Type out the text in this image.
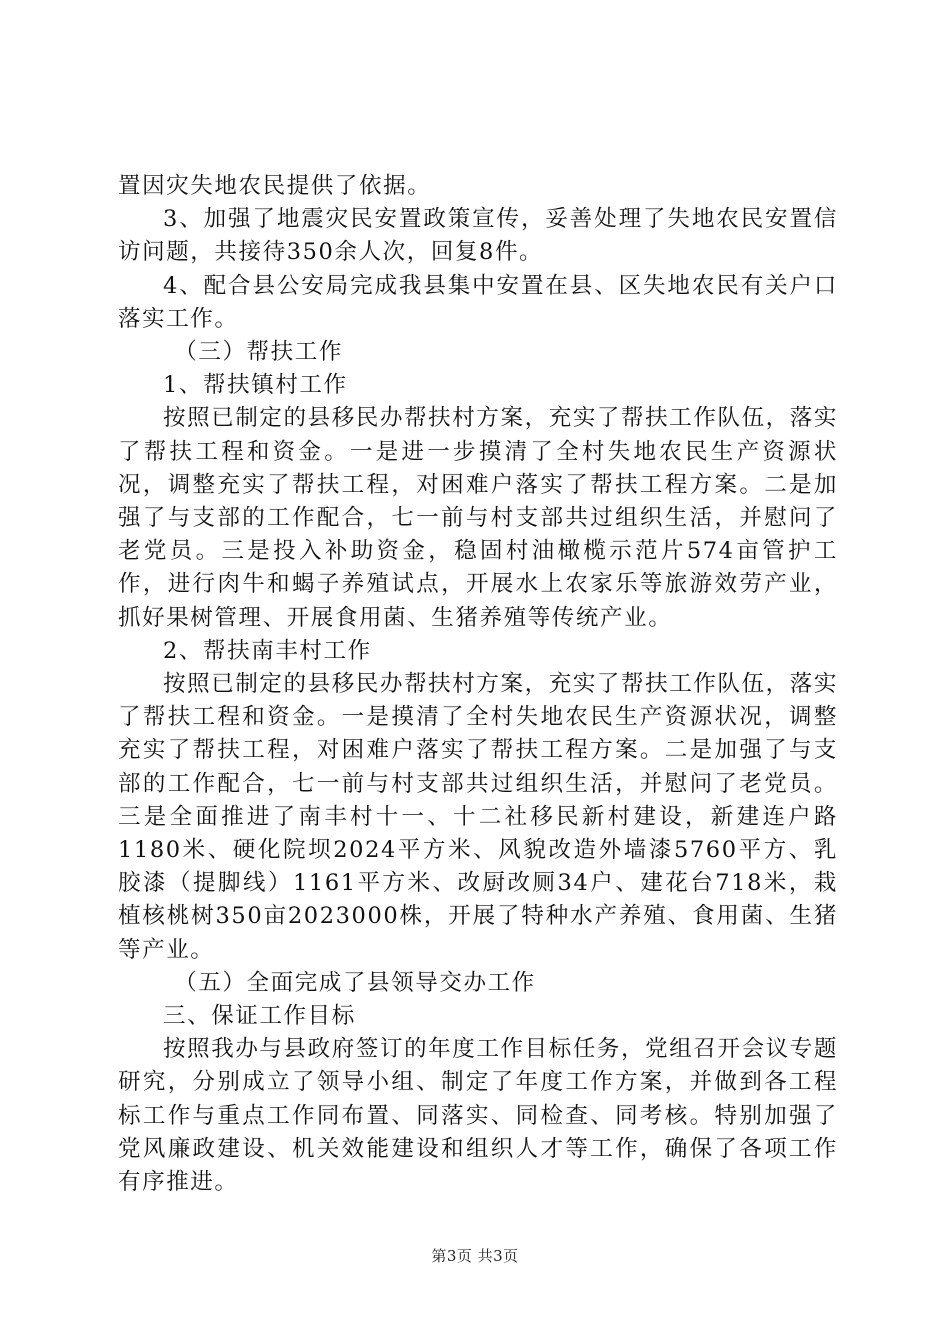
置因灾失地农民提供了依据。

3、加强了地震灾民安置政策宣传，妥善处理了失地农民安置信访问题，共接待350余人次，回复8件。

4、配合县公安局完成我县集中安置在县、区失地农民有关户口落实工作。

（三）帮扶工作

1、帮扶镇村工作

按照已制定的县移民办帮扶村方案，充实了帮扶工作队伍，落实了帮扶工程和资金。一是进一步摸清了全村失地农民生产资源状况，调整充实了帮扶工程，对困难户落实了帮扶工程方案。二是加强了与支部的工作配合，七一前与村支部共过组织生活，并慰问了老党员。三是投入补助资金，稳固村油橄榄示范片574亩管护工作，进行肉牛和蝎子养殖试点，开展水上农家乐等旅游效劳产业，抓好果树管理、开展食用菌、生猪养殖等传统产业。

2、帮扶南丰村工作

按照已制定的县移民办帮扶村方案，充实了帮扶工作队伍，落实了帮扶工程和资金。一是摸清了全村失地农民生产资源状况，调整充实了帮扶工程，对困难户落实了帮扶工程方案。二是加强了与支部的工作配合，七一前与村支部共过组织生活，并慰问了老党员。三是全面推进了南丰村十一、十二社移民新村建设，新建连户路1180米、硬化院坝2024平方米、风貌改造外墙漆5760平方、乳胶漆（提脚线）1161平方米、改厨改厕34户、建花台718米，栽植核桃树350亩2023000株，开展了特种水产养殖、食用菌、生猪等产业。

（五）全面完成了县领导交办工作

三、保证工作目标

按照我办与县政府签订的年度工作目标任务，党组召开会议专题研究，分别成立了领导小组、制定了年度工作方案，并做到各工程标工作与重点工作同布置、同落实、同检查、同考核。特别加强了党风廉政建设、机关效能建设和组织人才等工作，确保了各项工作有序推进。

第3页 共3页
